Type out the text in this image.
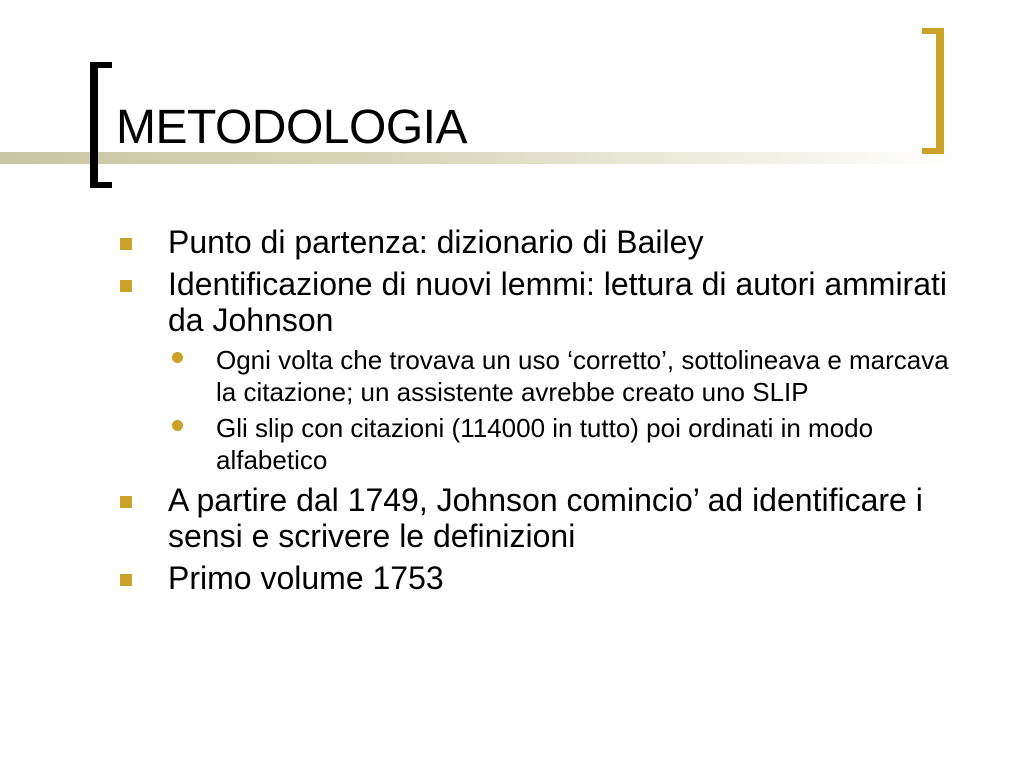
METODOLOGIA
Punto di partenza: dizionario di Bailey
Identificazione di nuovi lemmi: lettura di autori ammirati da Johnson
Ogni volta che trovava un uso ‘corretto’, sottolineava e marcava la citazione; un assistente avrebbe creato uno SLIP
Gli slip con citazioni (114000 in tutto) poi ordinati in modo alfabetico
A partire dal 1749, Johnson comincio’ ad identificare i sensi e scrivere le definizioni
Primo volume 1753
